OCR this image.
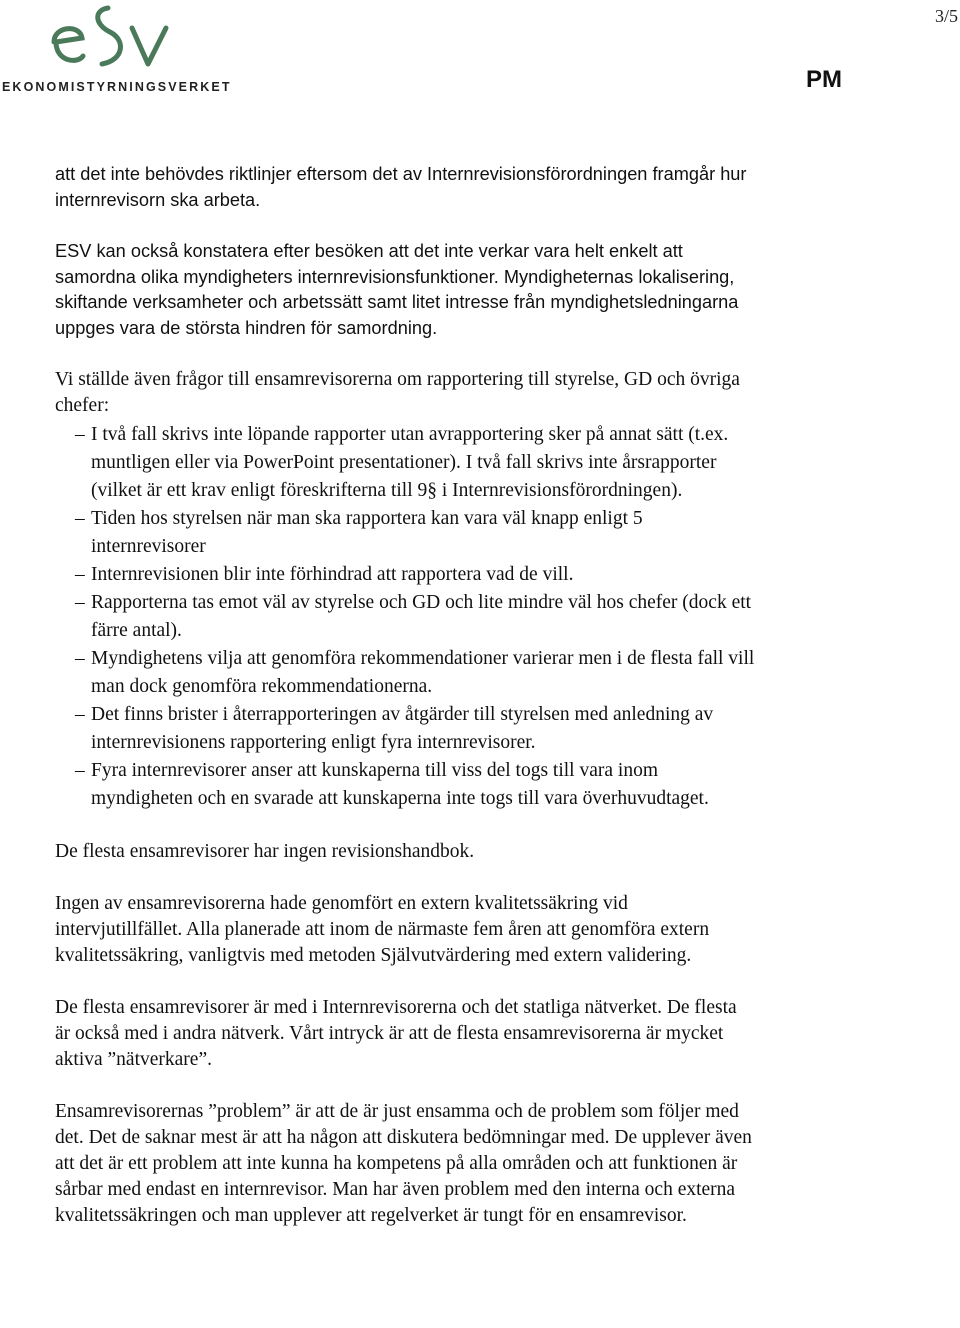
EKONOMISTYRNINGSVERKET
3/5
PM

att det inte behövdes riktlinjer eftersom det av Internrevisionsförordningen framgår hur internrevisorn ska arbeta.

ESV kan också konstatera efter besöken att det inte verkar vara helt enkelt att samordna olika myndigheters internrevisionsfunktioner. Myndigheternas lokalisering, skiftande verksamheter och arbetssätt samt litet intresse från myndighetsledningarna uppges vara de största hindren för samordning.

Vi ställde även frågor till ensamrevisorerna om rapportering till styrelse, GD och övriga chefer:

– I två fall skrivs inte löpande rapporter utan avrapportering sker på annat sätt (t.ex. muntligen eller via PowerPoint presentationer). I två fall skrivs inte årsrapporter (vilket är ett krav enligt föreskrifterna till 9§ i Internrevisionsförordningen).
– Tiden hos styrelsen när man ska rapportera kan vara väl knapp enligt 5 internrevisorer
– Internrevisionen blir inte förhindrad att rapportera vad de vill.
– Rapporterna tas emot väl av styrelse och GD och lite mindre väl hos chefer (dock ett färre antal).
– Myndighetens vilja att genomföra rekommendationer varierar men i de flesta fall vill man dock genomföra rekommendationerna.
– Det finns brister i återrapporteringen av åtgärder till styrelsen med anledning av internrevisionens rapportering enligt fyra internrevisorer.
– Fyra internrevisorer anser att kunskaperna till viss del togs till vara inom myndigheten och en svarade att kunskaperna inte togs till vara överhuvudtaget.

De flesta ensamrevisorer har ingen revisionshandbok.

Ingen av ensamrevisorerna hade genomfört en extern kvalitetssäkring vid intervjutillfället. Alla planerade att inom de närmaste fem åren att genomföra extern kvalitetssäkring, vanligtvis med metoden Självutvärdering med extern validering.

De flesta ensamrevisorer är med i Internrevisorerna och det statliga nätverket. De flesta är också med i andra nätverk. Vårt intryck är att de flesta ensamrevisorerna är mycket aktiva ”nätverkare”.

Ensamrevisorernas ”problem” är att de är just ensamma och de problem som följer med det. Det de saknar mest är att ha någon att diskutera bedömningar med. De upplever även att det är ett problem att inte kunna ha kompetens på alla områden och att funktionen är sårbar med endast en internrevisor. Man har även problem med den interna och externa kvalitetssäkringen och man upplever att regelverket är tungt för en ensamrevisor.
